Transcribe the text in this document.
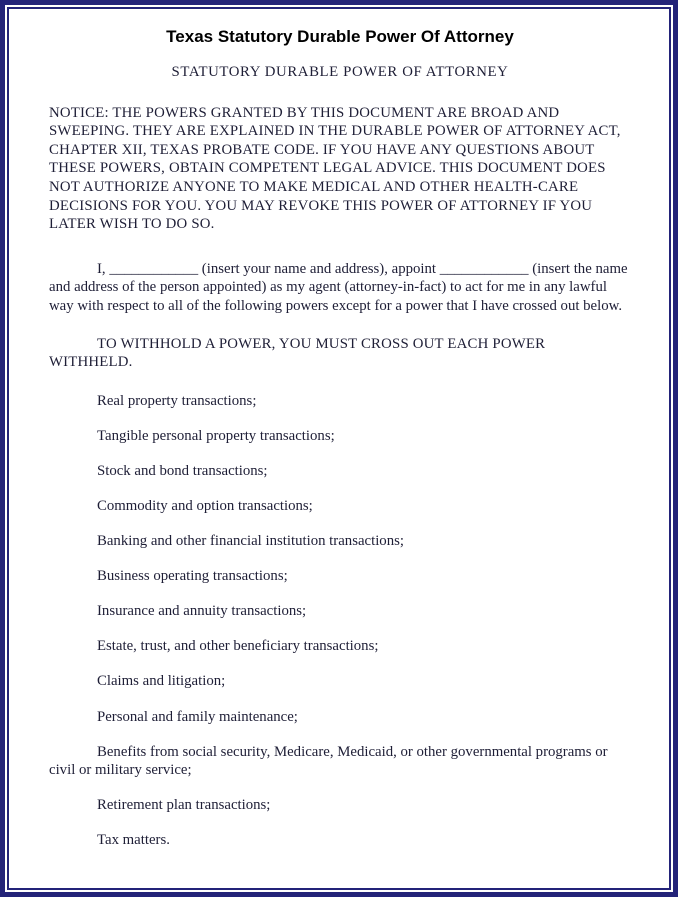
Texas Statutory Durable Power Of Attorney
STATUTORY DURABLE POWER OF ATTORNEY

NOTICE: THE POWERS GRANTED BY THIS DOCUMENT ARE BROAD AND SWEEPING. THEY ARE EXPLAINED IN THE DURABLE POWER OF ATTORNEY ACT, CHAPTER XII, TEXAS PROBATE CODE. IF YOU HAVE ANY QUESTIONS ABOUT THESE POWERS, OBTAIN COMPETENT LEGAL ADVICE. THIS DOCUMENT DOES NOT AUTHORIZE ANYONE TO MAKE MEDICAL AND OTHER HEALTH-CARE DECISIONS FOR YOU. YOU MAY REVOKE THIS POWER OF ATTORNEY IF YOU LATER WISH TO DO SO.

I, ____________ (insert your name and address), appoint ____________ (insert the name and address of the person appointed) as my agent (attorney-in-fact) to act for me in any lawful way with respect to all of the following powers except for a power that I have crossed out below.

TO WITHHOLD A POWER, YOU MUST CROSS OUT EACH POWER WITHHELD.

Real property transactions;

Tangible personal property transactions;

Stock and bond transactions;

Commodity and option transactions;

Banking and other financial institution transactions;

Business operating transactions;

Insurance and annuity transactions;

Estate, trust, and other beneficiary transactions;

Claims and litigation;

Personal and family maintenance;

Benefits from social security, Medicare, Medicaid, or other governmental programs or civil or military service;

Retirement plan transactions;

Tax matters.
